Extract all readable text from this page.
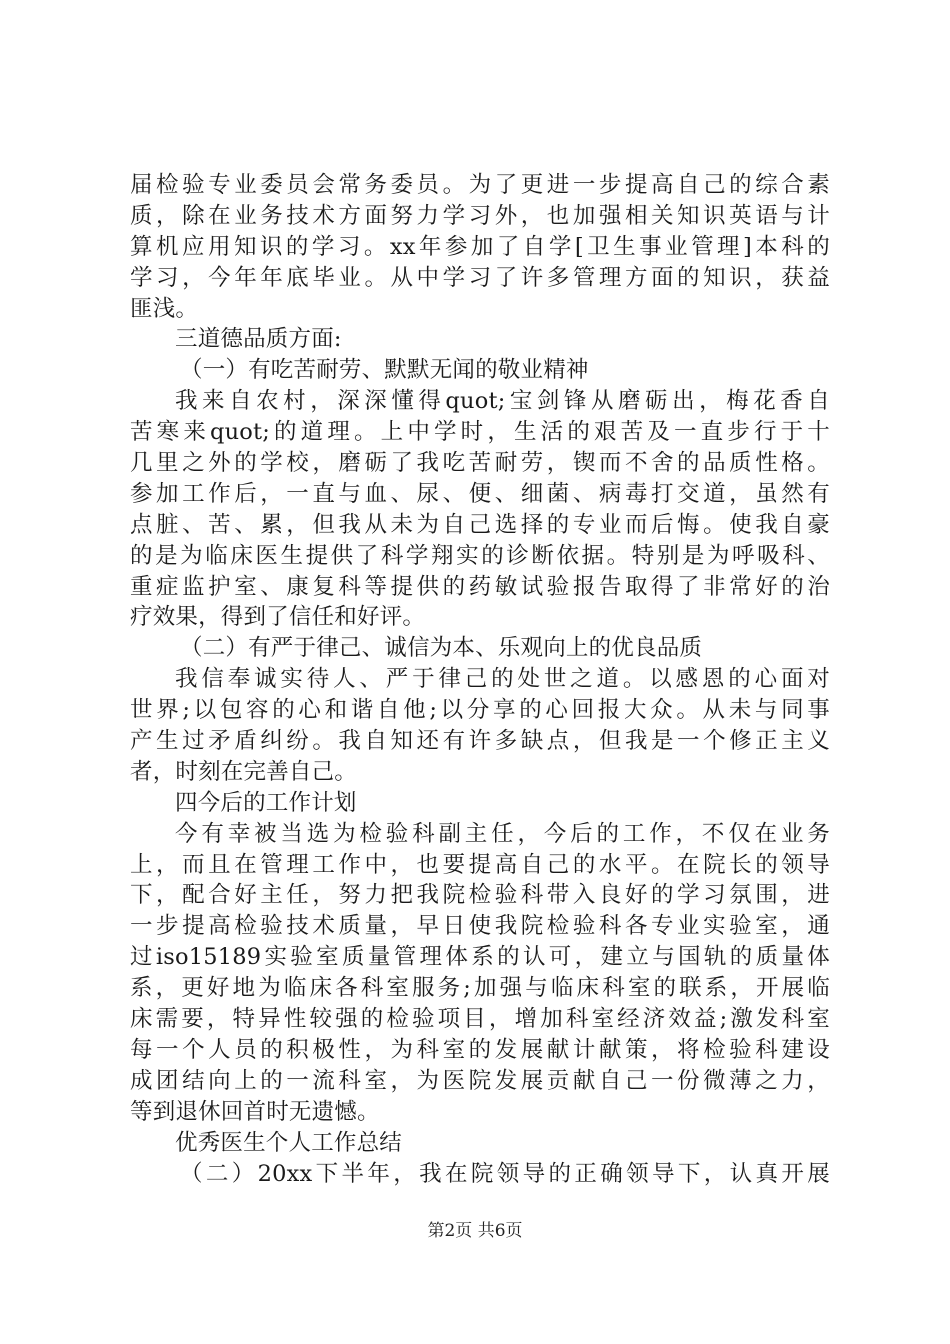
届检验专业委员会常务委员。为了更进一步提高自己的综合素
质，除在业务技术方面努力学习外，也加强相关知识英语与计
算机应用知识的学习。xx年参加了自学[卫生事业管理]本科的
学习，今年年底毕业。从中学习了许多管理方面的知识，获益
匪浅。
三道德品质方面:
（一）有吃苦耐劳、默默无闻的敬业精神
我来自农村，深深懂得quot;宝剑锋从磨砺出，梅花香自
苦寒来quot;的道理。上中学时，生活的艰苦及一直步行于十
几里之外的学校，磨砺了我吃苦耐劳，锲而不舍的品质性格。
参加工作后，一直与血、尿、便、细菌、病毒打交道，虽然有
点脏、苦、累，但我从未为自己选择的专业而后悔。使我自豪
的是为临床医生提供了科学翔实的诊断依据。特别是为呼吸科、
重症监护室、康复科等提供的药敏试验报告取得了非常好的治
疗效果，得到了信任和好评。
（二）有严于律己、诚信为本、乐观向上的优良品质
我信奉诚实待人、严于律己的处世之道。以感恩的心面对
世界;以包容的心和谐自他;以分享的心回报大众。从未与同事
产生过矛盾纠纷。我自知还有许多缺点，但我是一个修正主义
者，时刻在完善自己。
四今后的工作计划
今有幸被当选为检验科副主任，今后的工作，不仅在业务
上，而且在管理工作中，也要提高自己的水平。在院长的领导
下，配合好主任，努力把我院检验科带入良好的学习氛围，进
一步提高检验技术质量，早日使我院检验科各专业实验室，通
过iso15189实验室质量管理体系的认可，建立与国轨的质量体
系，更好地为临床各科室服务;加强与临床科室的联系，开展临
床需要，特异性较强的检验项目，增加科室经济效益;激发科室
每一个人员的积极性，为科室的发展献计献策，将检验科建设
成团结向上的一流科室，为医院发展贡献自己一份微薄之力，
等到退休回首时无遗憾。
优秀医生个人工作总结
（二）20xx下半年，我在院领导的正确领导下，认真开展
第2页 共6页
